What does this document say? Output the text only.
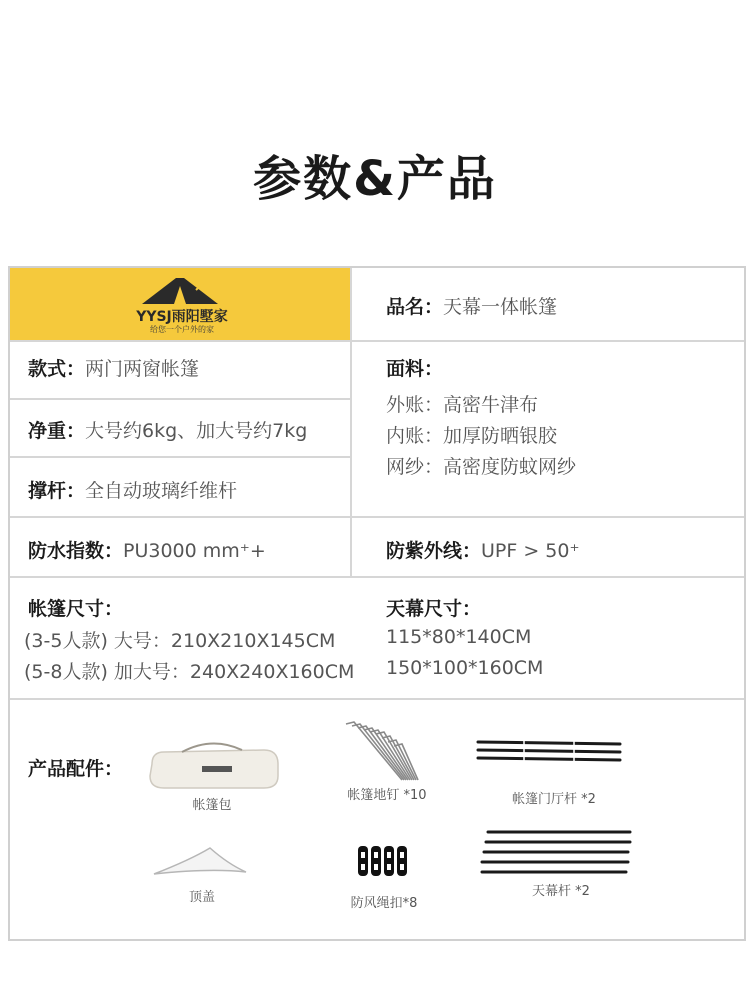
参数&产品
YYSJ雨阳墅家
给您一个户外的家
品名：天幕一体帐篷
款式：两门两窗帐篷
净重：大号约6kg、加大号约7kg
撑杆：全自动玻璃纤维杆
面料：
外账：高密牛津布
内账：加厚防晒银胶
网纱：高密度防蚊网纱
防水指数：PU3000 mm⁺+	防紫外线：UPF > 50⁺
帐篷尺寸：
(3-5人款) 大号：210X210X145CM
(5-8人款) 加大号：240X240X160CM
天幕尺寸：
115*80*140CM
150*100*160CM
产品配件：
帐篷包
帐篷地钉 *10	帐篷门厅杆 *2
顶盖	防风绳扣*8
天幕杆 *2
